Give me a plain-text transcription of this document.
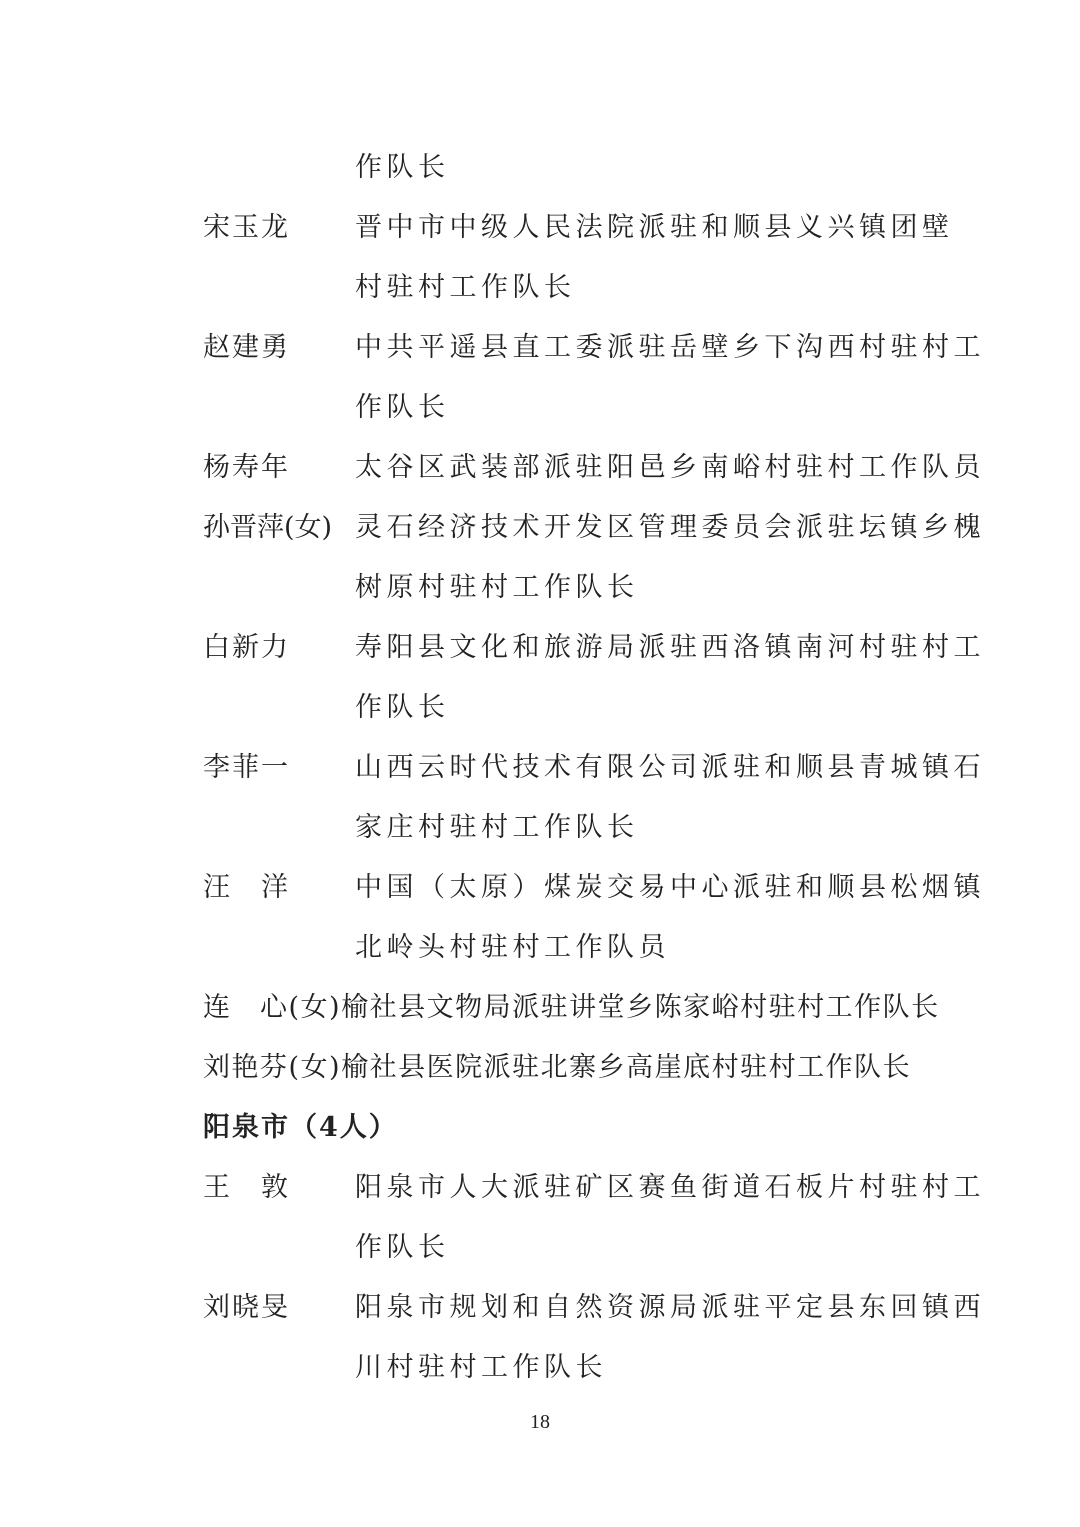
作队长
宋玉龙 晋中市中级人民法院派驻和顺县义兴镇团壁
村驻村工作队长
赵建勇 中共平遥县直工委派驻岳壁乡下沟西村驻村工
作队长
杨寿年 太谷区武装部派驻阳邑乡南峪村驻村工作队员
孙晋萍(女) 灵石经济技术开发区管理委员会派驻坛镇乡槐
树原村驻村工作队长
白新力 寿阳县文化和旅游局派驻西洛镇南河村驻村工
作队长
李菲一 山西云时代技术有限公司派驻和顺县青城镇石
家庄村驻村工作队长
汪　洋 中国（太原）煤炭交易中心派驻和顺县松烟镇
北岭头村驻村工作队员
连　心(女)榆社县文物局派驻讲堂乡陈家峪村驻村工作队长
刘艳芬(女)榆社县医院派驻北寨乡高崖底村驻村工作队长
阳泉市（4人）
王　敦 阳泉市人大派驻矿区赛鱼街道石板片村驻村工
作队长
刘晓旻 阳泉市规划和自然资源局派驻平定县东回镇西
川村驻村工作队长
18
